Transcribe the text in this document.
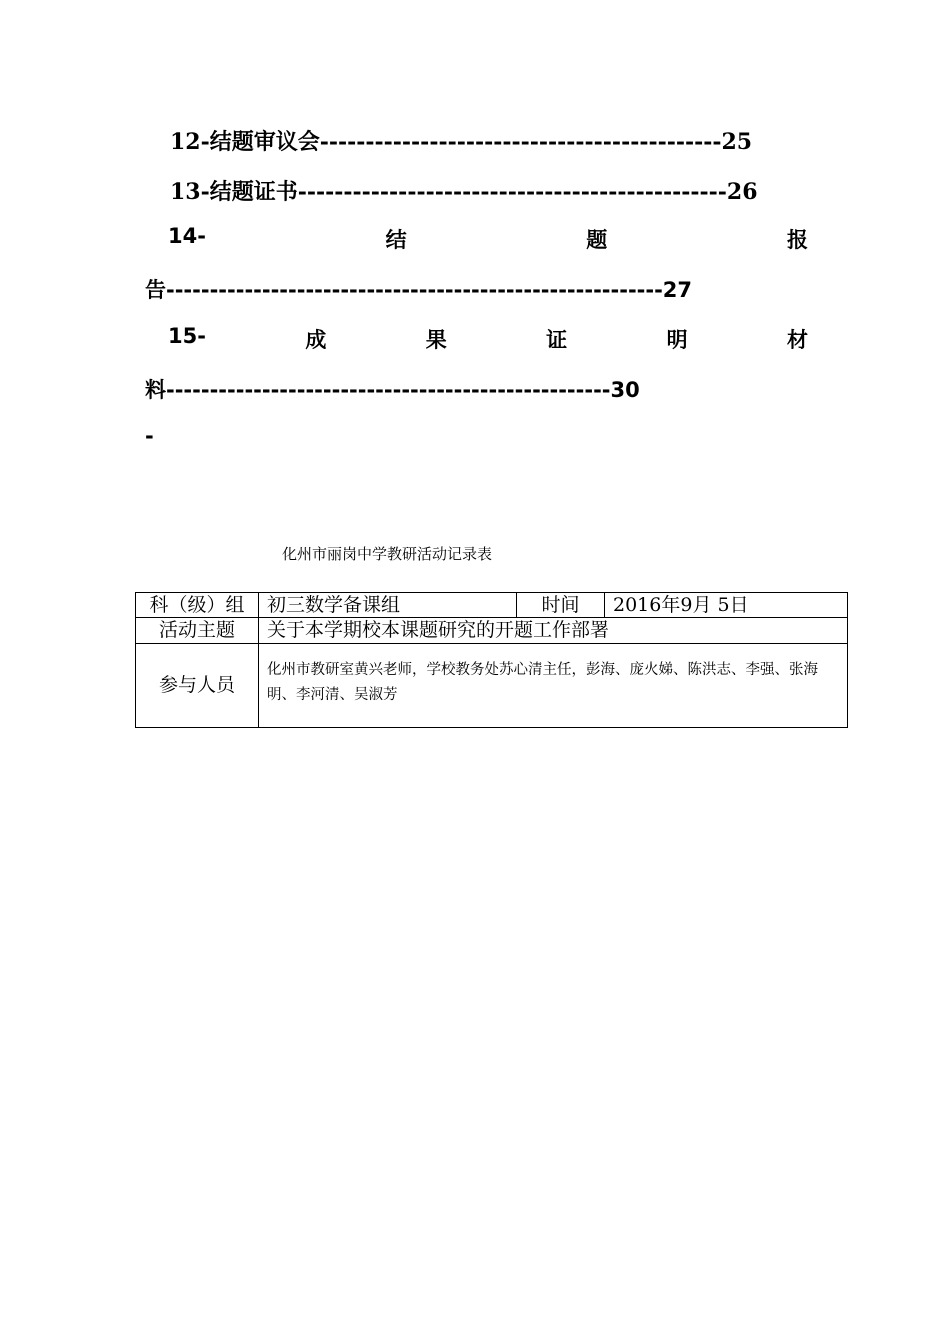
12-结题审议会--------------------------------------------25
13-结题证书-----------------------------------------------26
14-	结	题	报
告---------------------------------------------------------27
15-	成	果	证	明	材
料---------------------------------------------------30
-
化州市丽岗中学教研活动记录表
科（级）组	初三数学备课组	时间	2016年9月 5日
活动主题	关于本学期校本课题研究的开题工作部署		
参与人员	化州市教研室黄兴老师，学校教务处苏心清主任，彭海、庞火娣、陈洪志、李强、张海明、李河清、吴淑芳		
